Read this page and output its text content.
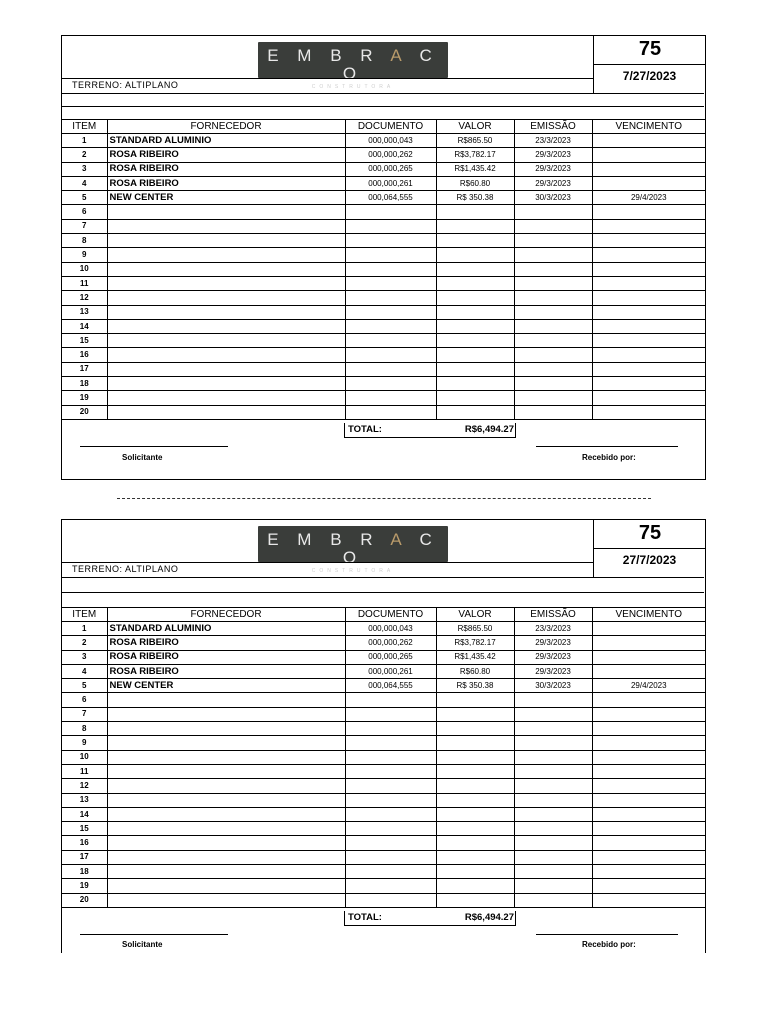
E M B R A C O
CONSTRUTORA
75
7/27/2023
TERRENO: ALTIPLANO
ITEM	FORNECEDOR	DOCUMENTO	VALOR	EMISSÃO	VENCIMENTO
1	STANDARD ALUMINIO	000,000,043	R$865.50	23/3/2023	
2	ROSA RIBEIRO	000,000,262	R$3,782.17	29/3/2023	
3	ROSA RIBEIRO	000,000,265	R$1,435.42	29/3/2023	
4	ROSA RIBEIRO	000,000,261	R$60.80	29/3/2023	
5	NEW CENTER	000,064,555	R$ 350.38	30/3/2023	29/4/2023
6					
7					
8					
9					
10					
11					
12					
13					
14					
15					
16					
17					
18					
19					
20					
TOTAL:	R$6,494.27
Solicitante	Recebido por:
E M B R A C O
CONSTRUTORA
75
27/7/2023
TERRENO: ALTIPLANO
ITEM	FORNECEDOR	DOCUMENTO	VALOR	EMISSÃO	VENCIMENTO
1	STANDARD ALUMINIO	000,000,043	R$865.50	23/3/2023	
2	ROSA RIBEIRO	000,000,262	R$3,782.17	29/3/2023	
3	ROSA RIBEIRO	000,000,265	R$1,435.42	29/3/2023	
4	ROSA RIBEIRO	000,000,261	R$60.80	29/3/2023	
5	NEW CENTER	000,064,555	R$ 350.38	30/3/2023	29/4/2023
6					
7					
8					
9					
10					
11					
12					
13					
14					
15					
16					
17					
18					
19					
20					
TOTAL:	R$6,494.27
Solicitante	Recebido por:
